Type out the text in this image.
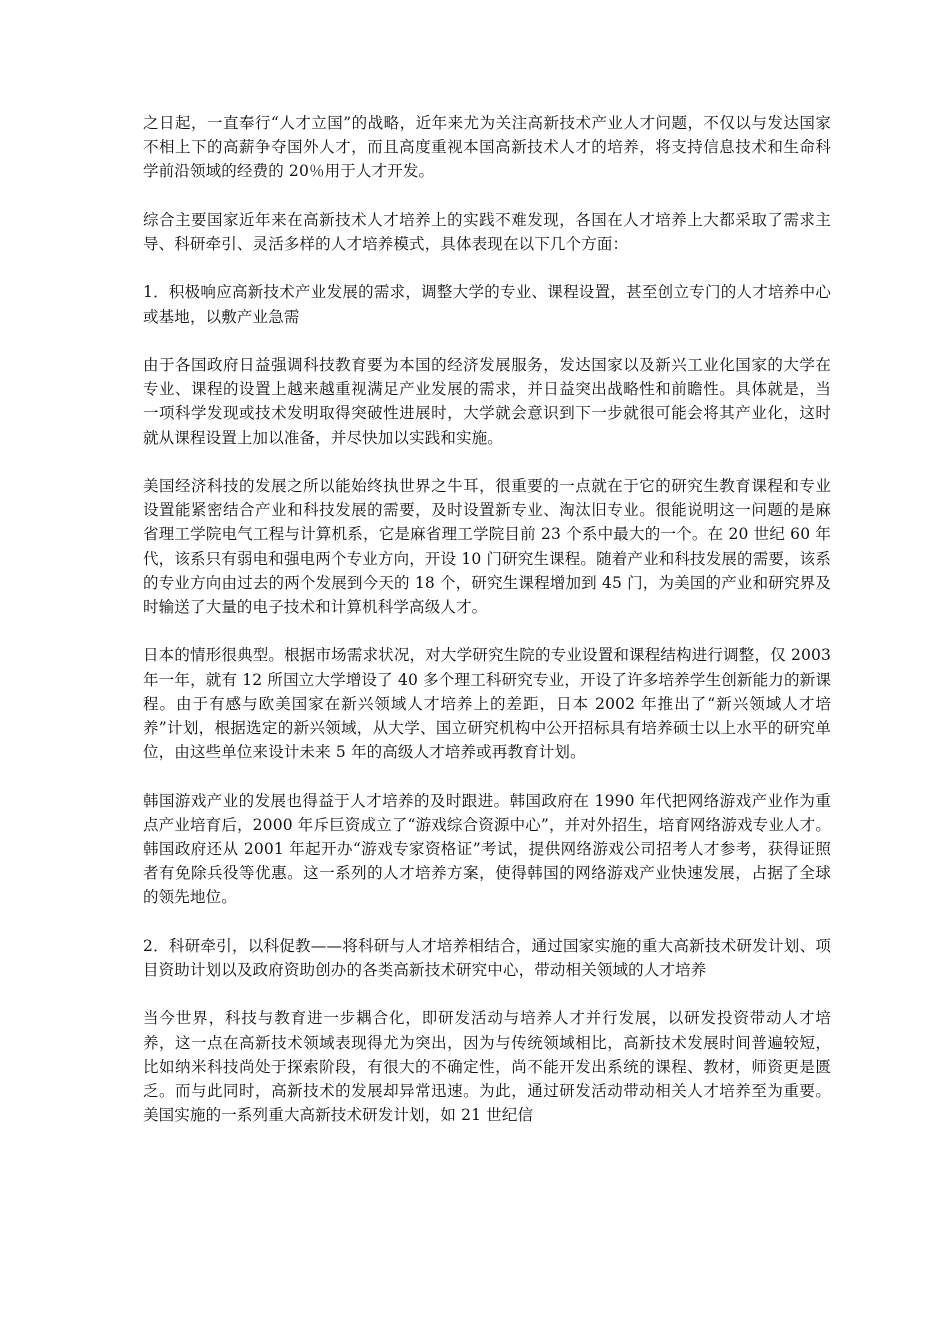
之日起，一直奉行“人才立国”的战略，近年来尤为关注高新技术产业人才问题，不仅以与发达国家不相上下的高薪争夺国外人才，而且高度重视本国高新技术人才的培养，将支持信息技术和生命科学前沿领域的经费的 20％用于人才开发。

综合主要国家近年来在高新技术人才培养上的实践不难发现，各国在人才培养上大都采取了需求主导、科研牵引、灵活多样的人才培养模式，具体表现在以下几个方面：

1．积极响应高新技术产业发展的需求，调整大学的专业、课程设置，甚至创立专门的人才培养中心或基地，以敷产业急需

由于各国政府日益强调科技教育要为本国的经济发展服务，发达国家以及新兴工业化国家的大学在专业、课程的设置上越来越重视满足产业发展的需求，并日益突出战略性和前瞻性。具体就是，当一项科学发现或技术发明取得突破性进展时，大学就会意识到下一步就很可能会将其产业化，这时就从课程设置上加以准备，并尽快加以实践和实施。

美国经济科技的发展之所以能始终执世界之牛耳，很重要的一点就在于它的研究生教育课程和专业设置能紧密结合产业和科技发展的需要，及时设置新专业、淘汰旧专业。很能说明这一问题的是麻省理工学院电气工程与计算机系，它是麻省理工学院目前 23 个系中最大的一个。在 20 世纪 60 年代，该系只有弱电和强电两个专业方向，开设 10 门研究生课程。随着产业和科技发展的需要，该系的专业方向由过去的两个发展到今天的 18 个，研究生课程增加到 45 门，为美国的产业和研究界及时输送了大量的电子技术和计算机科学高级人才。

日本的情形很典型。根据市场需求状况，对大学研究生院的专业设置和课程结构进行调整，仅 2003 年一年，就有 12 所国立大学增设了 40 多个理工科研究专业，开设了许多培养学生创新能力的新课程。由于有感与欧美国家在新兴领域人才培养上的差距，日本 2002 年推出了“新兴领域人才培养”计划，根据选定的新兴领域，从大学、国立研究机构中公开招标具有培养硕士以上水平的研究单位，由这些单位来设计未来 5 年的高级人才培养或再教育计划。

韩国游戏产业的发展也得益于人才培养的及时跟进。韩国政府在 1990 年代把网络游戏产业作为重点产业培育后，2000 年斥巨资成立了“游戏综合资源中心”，并对外招生，培育网络游戏专业人才。韩国政府还从 2001 年起开办“游戏专家资格证”考试，提供网络游戏公司招考人才参考，获得证照者有免除兵役等优惠。这一系列的人才培养方案，使得韩国的网络游戏产业快速发展，占据了全球的领先地位。

2．科研牵引，以科促教——将科研与人才培养相结合，通过国家实施的重大高新技术研发计划、项目资助计划以及政府资助创办的各类高新技术研究中心，带动相关领域的人才培养

当今世界，科技与教育进一步耦合化，即研发活动与培养人才并行发展，以研发投资带动人才培养，这一点在高新技术领域表现得尤为突出，因为与传统领域相比，高新技术发展时间普遍较短，比如纳米科技尚处于探索阶段，有很大的不确定性，尚不能开发出系统的课程、教材，师资更是匮乏。而与此同时，高新技术的发展却异常迅速。为此，通过研发活动带动相关人才培养至为重要。美国实施的一系列重大高新技术研发计划，如 21 世纪信
